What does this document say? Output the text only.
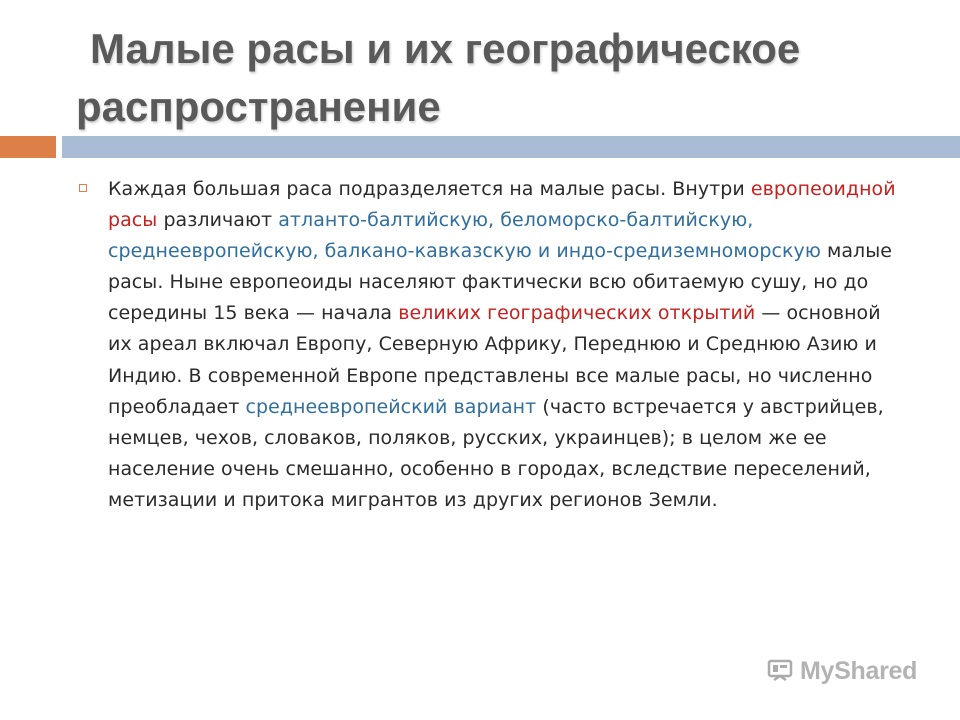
Малые расы и их географическое
распространение
Каждая большая раса подразделяется на малые расы. Внутри европеоидной расы различают атланто-балтийскую, беломорско-балтийскую, среднеевропейскую, балкано-кавказскую и индо-средиземноморскую малые расы. Ныне европеоиды населяют фактически всю обитаемую сушу, но до середины 15 века — начала великих географических открытий — основной их ареал включал Европу, Северную Африку, Переднюю и Среднюю Азию и Индию. В современной Европе представлены все малые расы, но численно преобладает среднеевропейский вариант (часто встречается у австрийцев, немцев, чехов, словаков, поляков, русских, украинцев); в целом же ее население очень смешанно, особенно в городах, вследствие переселений, метизации и притока мигрантов из других регионов Земли.
MyShared
